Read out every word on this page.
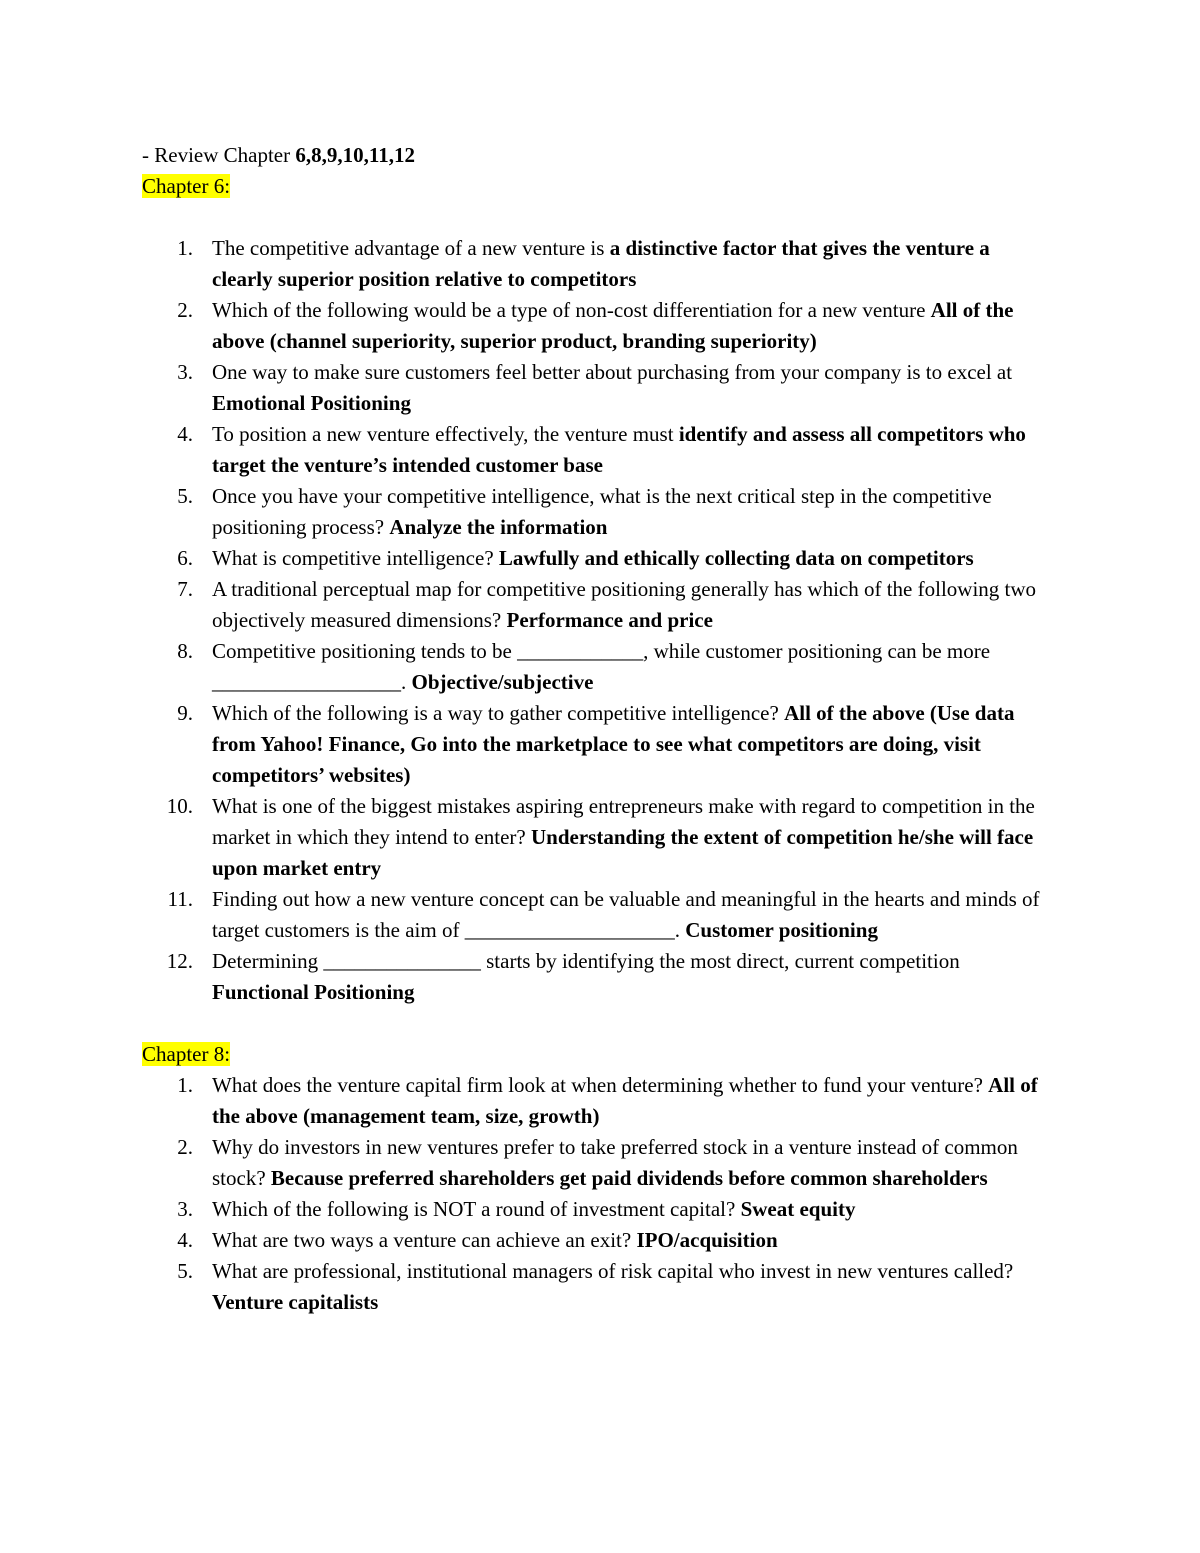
- Review Chapter 6,8,9,10,11,12
Chapter 6:
1. The competitive advantage of a new venture is a distinctive factor that gives the venture a clearly superior position relative to competitors
2. Which of the following would be a type of non-cost differentiation for a new venture All of the above (channel superiority, superior product, branding superiority)
3. One way to make sure customers feel better about purchasing from your company is to excel at Emotional Positioning
4. To position a new venture effectively, the venture must identify and assess all competitors who target the venture’s intended customer base
5. Once you have your competitive intelligence, what is the next critical step in the competitive positioning process? Analyze the information
6. What is competitive intelligence? Lawfully and ethically collecting data on competitors
7. A traditional perceptual map for competitive positioning generally has which of the following two objectively measured dimensions? Performance and price
8. Competitive positioning tends to be ____________, while customer positioning can be more __________________. Objective/subjective
9. Which of the following is a way to gather competitive intelligence? All of the above (Use data from Yahoo! Finance, Go into the marketplace to see what competitors are doing, visit competitors’ websites)
10. What is one of the biggest mistakes aspiring entrepreneurs make with regard to competition in the market in which they intend to enter? Understanding the extent of competition he/she will face upon market entry
11. Finding out how a new venture concept can be valuable and meaningful in the hearts and minds of target customers is the aim of ____________________. Customer positioning
12. Determining _______________ starts by identifying the most direct, current competition Functional Positioning
Chapter 8:
1. What does the venture capital firm look at when determining whether to fund your venture? All of the above (management team, size, growth)
2. Why do investors in new ventures prefer to take preferred stock in a venture instead of common stock? Because preferred shareholders get paid dividends before common shareholders
3. Which of the following is NOT a round of investment capital? Sweat equity
4. What are two ways a venture can achieve an exit? IPO/acquisition
5. What are professional, institutional managers of risk capital who invest in new ventures called? Venture capitalists
